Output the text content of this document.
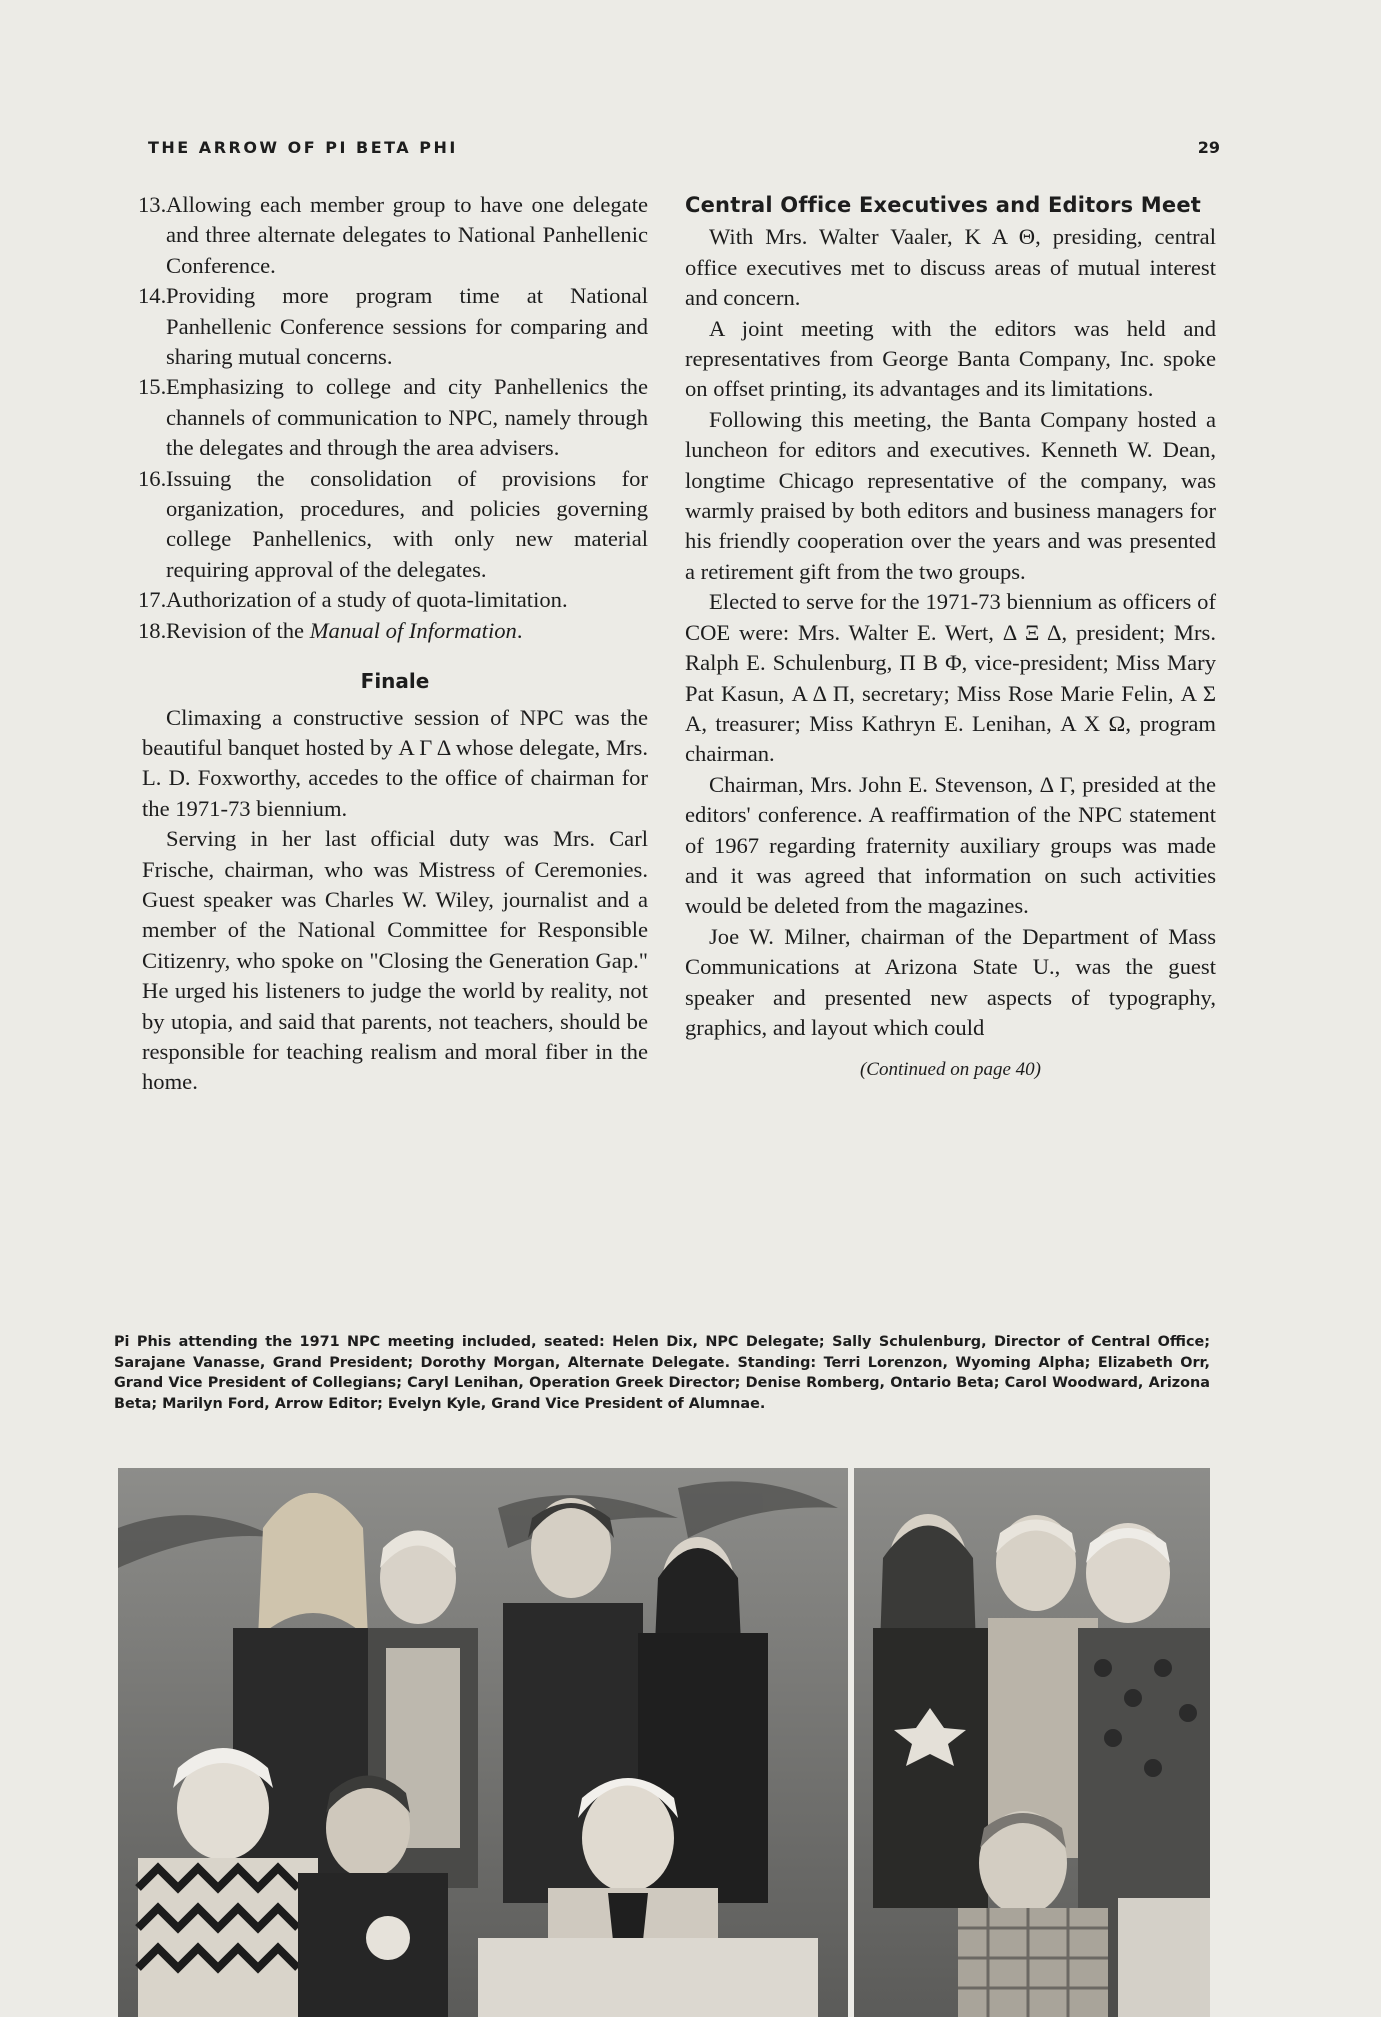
THE ARROW OF PI BETA PHI	29
13. Allowing each member group to have one delegate and three alternate delegates to National Panhellenic Conference.
14. Providing more program time at National Panhellenic Conference sessions for comparing and sharing mutual concerns.
15. Emphasizing to college and city Panhellenics the channels of communication to NPC, namely through the delegates and through the area advisers.
16. Issuing the consolidation of provisions for organization, procedures, and policies governing college Panhellenics, with only new material requiring approval of the delegates.
17. Authorization of a study of quota-limitation.
18. Revision of the Manual of Information.
Finale

Climaxing a constructive session of NPC was the beautiful banquet hosted by Α Γ Δ whose delegate, Mrs. L. D. Foxworthy, accedes to the office of chairman for the 1971-73 biennium.

Serving in her last official duty was Mrs. Carl Frische, chairman, who was Mistress of Ceremonies. Guest speaker was Charles W. Wiley, journalist and a member of the National Committee for Responsible Citizenry, who spoke on "Closing the Generation Gap." He urged his listeners to judge the world by reality, not by utopia, and said that parents, not teachers, should be responsible for teaching realism and moral fiber in the home.

Central Office Executives and Editors Meet

With Mrs. Walter Vaaler, Κ Α Θ, presiding, central office executives met to discuss areas of mutual interest and concern.

A joint meeting with the editors was held and representatives from George Banta Company, Inc. spoke on offset printing, its advantages and its limitations.

Following this meeting, the Banta Company hosted a luncheon for editors and executives. Kenneth W. Dean, longtime Chicago representative of the company, was warmly praised by both editors and business managers for his friendly cooperation over the years and was presented a retirement gift from the two groups.

Elected to serve for the 1971-73 biennium as officers of COE were: Mrs. Walter E. Wert, Δ Ξ Δ, president; Mrs. Ralph E. Schulenburg, Π Β Φ, vice-president; Miss Mary Pat Kasun, Α Δ Π, secretary; Miss Rose Marie Felin, Α Σ Α, treasurer; Miss Kathryn E. Lenihan, Α Χ Ω, program chairman.

Chairman, Mrs. John E. Stevenson, Δ Γ, presided at the editors' conference. A reaffirmation of the NPC statement of 1967 regarding fraternity auxiliary groups was made and it was agreed that information on such activities would be deleted from the magazines.

Joe W. Milner, chairman of the Department of Mass Communications at Arizona State U., was the guest speaker and presented new aspects of typography, graphics, and layout which could

(Continued on page 40)
Pi Phis attending the 1971 NPC meeting included, seated: Helen Dix, NPC Delegate; Sally Schulenburg, Director of Central Office; Sarajane Vanasse, Grand President; Dorothy Morgan, Alternate Delegate. Standing: Terri Lorenzon, Wyoming Alpha; Elizabeth Orr, Grand Vice President of Collegians; Caryl Lenihan, Operation Greek Director; Denise Romberg, Ontario Beta; Carol Woodward, Arizona Beta; Marilyn Ford, Arrow Editor; Evelyn Kyle, Grand Vice President of Alumnae.
